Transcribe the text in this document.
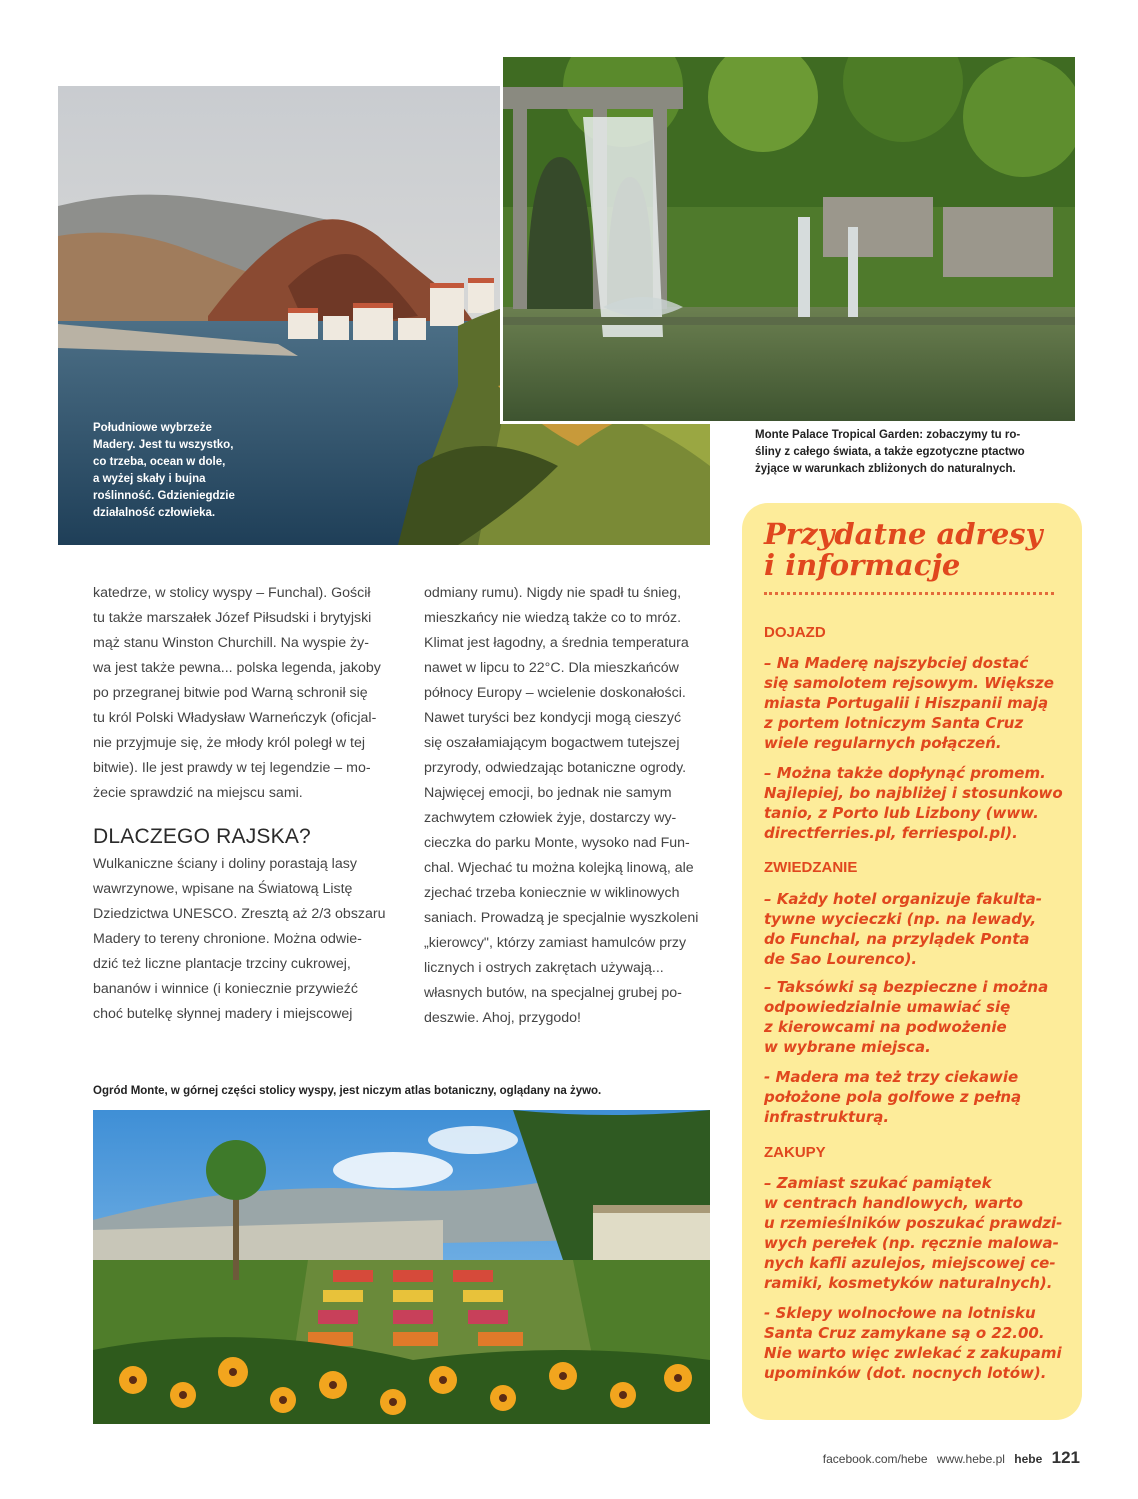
Południowe wybrzeże
Madery. Jest tu wszystko,
co trzeba, ocean w dole,
a wyżej skały i bujna
roślinność. Gdzieniegdzie
działalność człowieka.
Monte Palace Tropical Garden: zobaczymy tu ro-
śliny z całego świata, a także egzotyczne ptactwo
żyjące w warunkach zbliżonych do naturalnych.
Ogród Monte, w górnej części stolicy wyspy, jest niczym atlas botaniczny, oglądany na żywo.

katedrze, w stolicy wyspy – Funchal). Gościł
tu także marszałek Józef Piłsudski i brytyjski
mąż stanu Winston Churchill. Na wyspie ży-
wa jest także pewna... polska legenda, jakoby
po przegranej bitwie pod Warną schronił się
tu król Polski Władysław Warneńczyk (oficjal-
nie przyjmuje się, że młody król poległ w tej
bitwie). Ile jest prawdy w tej legendzie – mo-
żecie sprawdzić na miejscu sami.

DLACZEGO RAJSKA?

Wulkaniczne ściany i doliny porastają lasy
wawrzynowe, wpisane na Światową Listę
Dziedzictwa UNESCO. Zresztą aż 2/3 obszaru
Madery to tereny chronione. Można odwie-
dzić też liczne plantacje trzciny cukrowej,
bananów i winnice (i koniecznie przywieźć
choć butelkę słynnej madery i miejscowej

odmiany rumu). Nigdy nie spadł tu śnieg,
mieszkańcy nie wiedzą także co to mróz.
Klimat jest łagodny, a średnia temperatura
nawet w lipcu to 22°C. Dla mieszkańców
północy Europy – wcielenie doskonałości.
Nawet turyści bez kondycji mogą cieszyć
się oszałamiającym bogactwem tutejszej
przyrody, odwiedzając botaniczne ogrody.
Najwięcej emocji, bo jednak nie samym
zachwytem człowiek żyje, dostarczy wy-
cieczka do parku Monte, wysoko nad Fun-
chal. Wjechać tu można kolejką linową, ale
zjechać trzeba koniecznie w wiklinowych
saniach. Prowadzą je specjalnie wyszkoleni
„kierowcy", którzy zamiast hamulców przy
licznych i ostrych zakrętach używają...
własnych butów, na specjalnej grubej po-
deszwie. Ahoj, przygodo!

Przydatne adresy
i informacje
DOJAZD
– Na Maderę najszybciej dostać
się samolotem rejsowym. Większe
miasta Portugalii i Hiszpanii mają
z portem lotniczym Santa Cruz
wiele regularnych połączeń.
– Można także dopłynąć promem.
Najlepiej, bo najbliżej i stosunkowo
tanio, z Porto lub Lizbony (www.
directferries.pl, ferriespol.pl).
ZWIEDZANIE
– Każdy hotel organizuje fakulta-
tywne wycieczki (np. na lewady,
do Funchal, na przylądek Ponta
de Sao Lourenco).
– Taksówki są bezpieczne i można
odpowiedzialnie umawiać się
z kierowcami na podwożenie
w wybrane miejsca.
- Madera ma też trzy ciekawie
położone pola golfowe z pełną
infrastrukturą.
ZAKUPY
– Zamiast szukać pamiątek
w centrach handlowych, warto
u rzemieślników poszukać prawdzi-
wych perełek (np. ręcznie malowa-
nych kafli azulejos, miejscowej ce-
ramiki, kosmetyków naturalnych).
- Sklepy wolnocłowe na lotnisku
Santa Cruz zamykane są o 22.00.
Nie warto więc zwlekać z zakupami
upominków (dot. nocnych lotów).
facebook.com/hebe www.hebe.pl hebe 121
